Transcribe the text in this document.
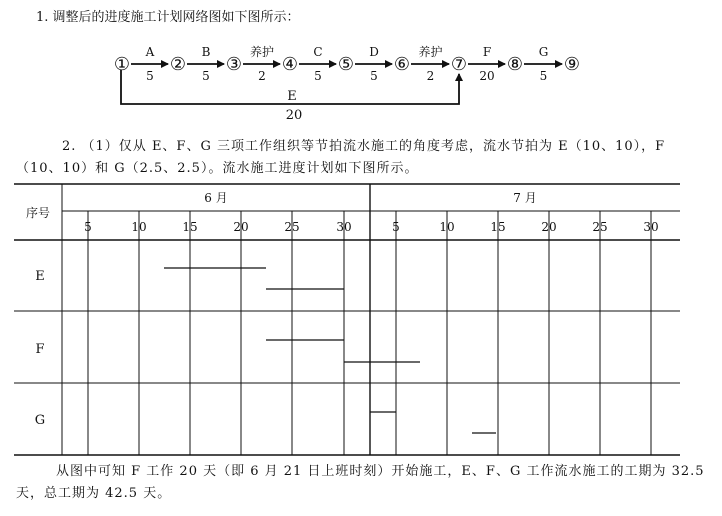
1. 调整后的进度施工计划网络图如下图所示：
E
20
① ② ③ ④ ⑤ ⑥ ⑦ ⑧ ⑨
A
5
B
5
养护
2
C
5
D
5
养护
2
F
20
G
5
2. （1）仅从 E、F、G 三项工作组织等节拍流水施工的角度考虑，流水节拍为 E（10、10），F（10、10）和 G（2.5、2.5）。流水施工进度计划如下图所示。
序号
6 月	7 月
5	10	15	20	25	30	5	10	15	20	25	30
E
F
G
从图中可知 F 工作 20 天（即 6 月 21 日上班时刻）开始施工，E、F、G 工作流水施工的工期为 32.5 天，总工期为 42.5 天。
